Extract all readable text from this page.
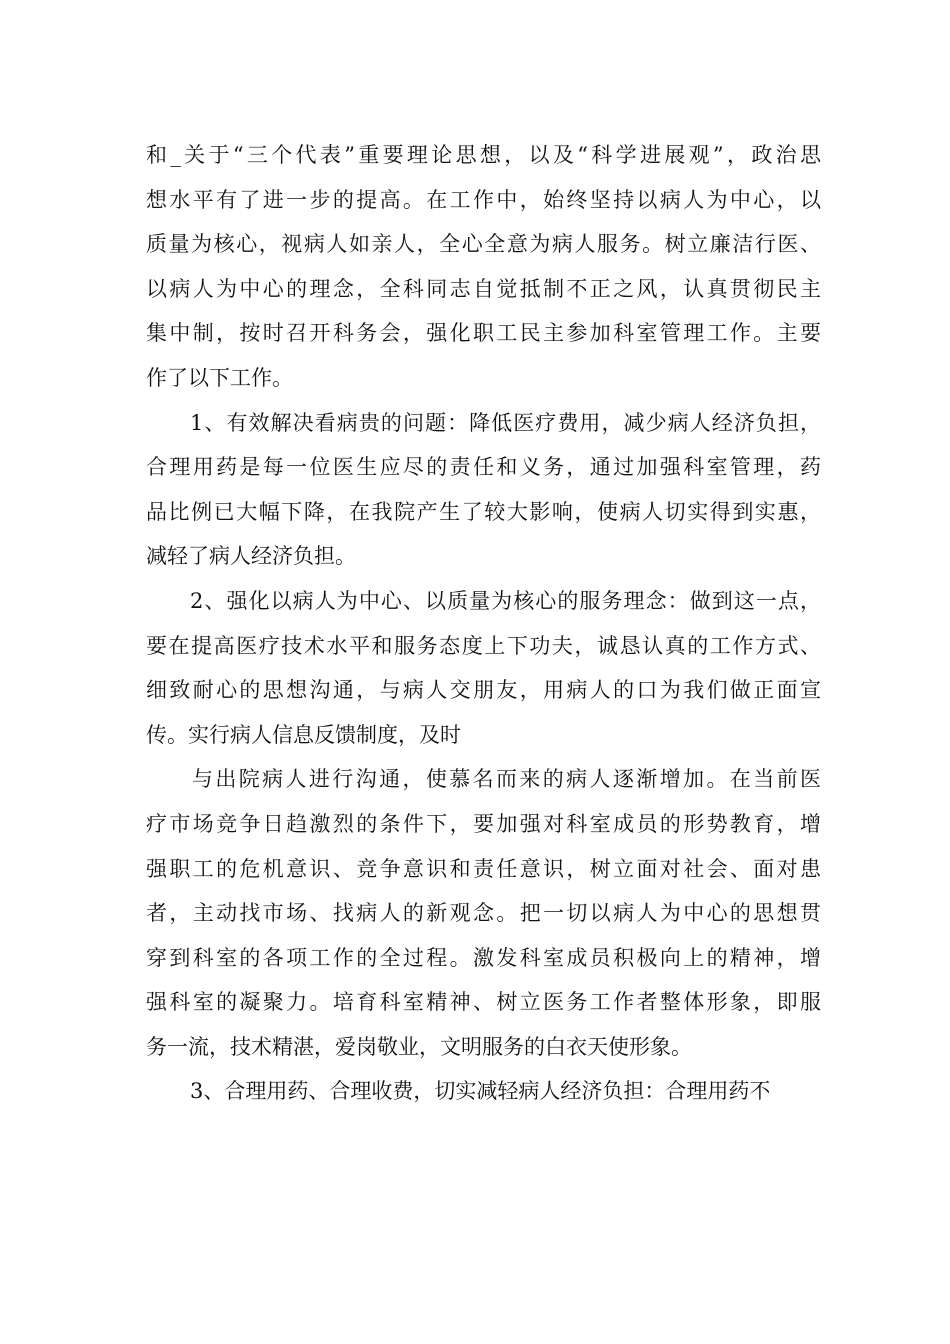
和_关于“三个代表”重要理论思想，以及“科学进展观”，政治思
想水平有了进一步的提高。在工作中，始终坚持以病人为中心，以
质量为核心，视病人如亲人，全心全意为病人服务。树立廉洁行医、
以病人为中心的理念，全科同志自觉抵制不正之风，认真贯彻民主
集中制，按时召开科务会，强化职工民主参加科室管理工作。主要
作了以下工作。
1、有效解决看病贵的问题：降低医疗费用，减少病人经济负担，
合理用药是每一位医生应尽的责任和义务，通过加强科室管理，药
品比例已大幅下降，在我院产生了较大影响，使病人切实得到实惠，
减轻了病人经济负担。
2、强化以病人为中心、以质量为核心的服务理念：做到这一点，
要在提高医疗技术水平和服务态度上下功夫，诚恳认真的工作方式、
细致耐心的思想沟通，与病人交朋友，用病人的口为我们做正面宣
传。实行病人信息反馈制度，及时
与出院病人进行沟通，使慕名而来的病人逐渐增加。在当前医
疗市场竞争日趋激烈的条件下，要加强对科室成员的形势教育，增
强职工的危机意识、竞争意识和责任意识，树立面对社会、面对患
者，主动找市场、找病人的新观念。把一切以病人为中心的思想贯
穿到科室的各项工作的全过程。激发科室成员积极向上的精神，增
强科室的凝聚力。培育科室精神、树立医务工作者整体形象，即服
务一流，技术精湛，爱岗敬业，文明服务的白衣天使形象。
3、合理用药、合理收费，切实减轻病人经济负担：合理用药不
